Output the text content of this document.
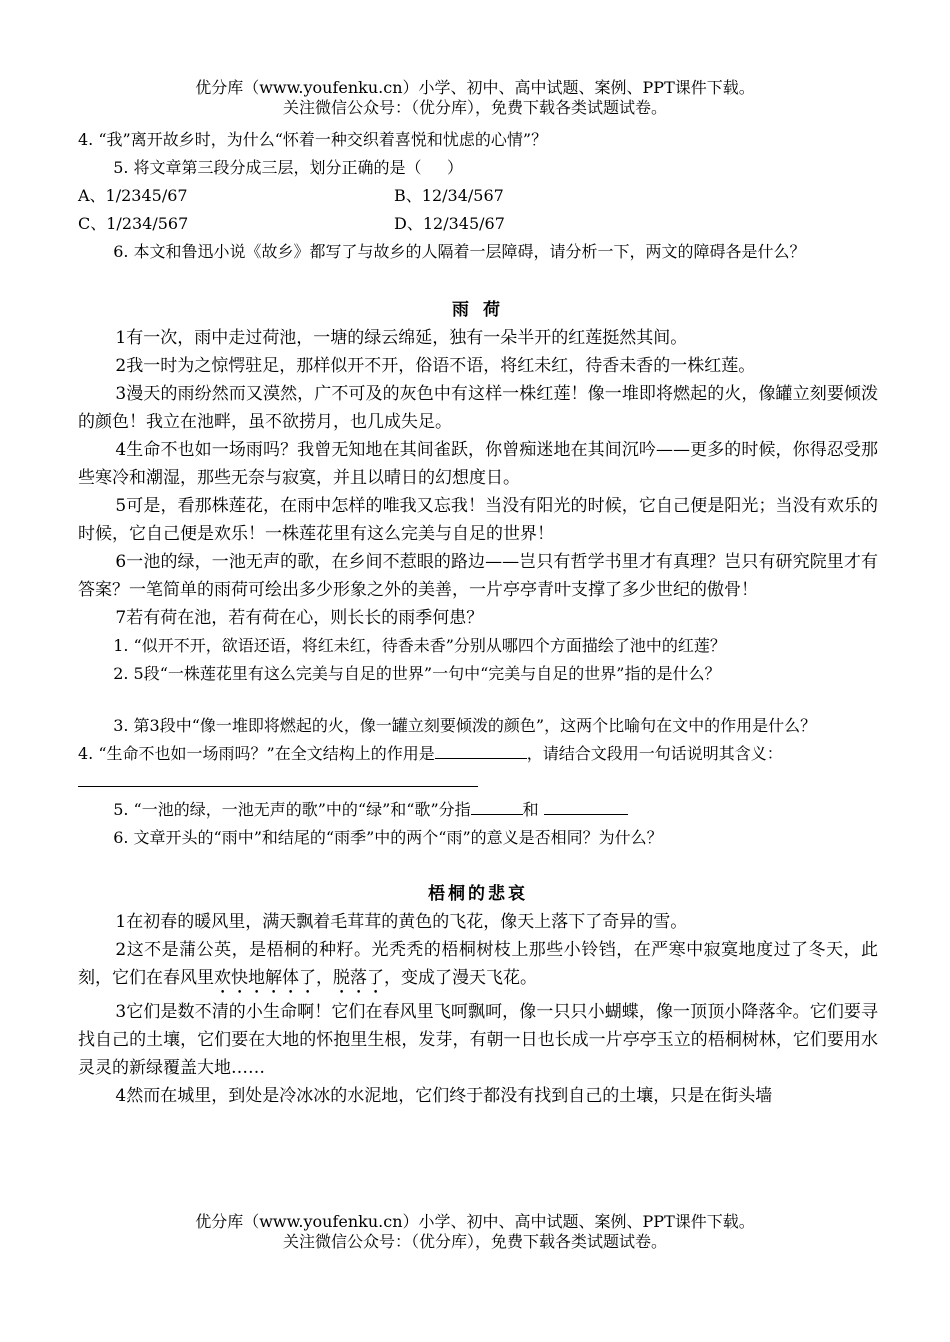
优分库（www.youfenku.cn）小学、初中、高中试题、案例、PPT课件下载。
关注微信公众号：（优分库），免费下载各类试题试卷。
4. “我”离开故乡时，为什么“怀着一种交织着喜悦和忧虑的心情”？
5. 将文章第三段分成三层，划分正确的是（     ）
A、1/2345/67	B、12/34/567
C、1/234/567	D、12/345/67
6. 本文和鲁迅小说《故乡》都写了与故乡的人隔着一层障碍，请分析一下，两文的障碍各是什么？
雨 荷
1有一次，雨中走过荷池，一塘的绿云绵延，独有一朵半开的红莲挺然其间。
2我一时为之惊愕驻足，那样似开不开，俗语不语，将红未红，待香未香的一株红莲。
3漫天的雨纷然而又漠然，广不可及的灰色中有这样一株红莲！像一堆即将燃起的火，像罐立刻要倾泼的颜色！我立在池畔，虽不欲捞月，也几成失足。
4生命不也如一场雨吗？我曾无知地在其间雀跃，你曾痴迷地在其间沉吟——更多的时候，你得忍受那些寒冷和潮湿，那些无奈与寂寞，并且以晴日的幻想度日。
5可是，看那株莲花，在雨中怎样的唯我又忘我！当没有阳光的时候，它自己便是阳光；当没有欢乐的时候，它自己便是欢乐！一株莲花里有这么完美与自足的世界！
6一池的绿，一池无声的歌，在乡间不惹眼的路边——岂只有哲学书里才有真理？岂只有研究院里才有答案？一笔简单的雨荷可绘出多少形象之外的美善，一片亭亭青叶支撑了多少世纪的傲骨！
7若有荷在池，若有荷在心，则长长的雨季何患？
1. “似开不开，欲语还语，将红未红，待香未香”分别从哪四个方面描绘了池中的红莲？
2. 5段“一株莲花里有这么完美与自足的世界”一句中“完美与自足的世界”指的是什么？
3. 第3段中“像一堆即将燃起的火，像一罐立刻要倾泼的颜色”，这两个比喻句在文中的作用是什么？
4. “生命不也如一场雨吗？”在全文结构上的作用是	，请结合文段用一句话说明其含义：
5. “一池的绿，一池无声的歌”中的“绿”和“歌”分指	和
6. 文章开头的“雨中”和结尾的“雨季”中的两个“雨”的意义是否相同？为什么？
梧桐的悲哀
1在初春的暖风里，满天飘着毛茸茸的黄色的飞花，像天上落下了奇异的雪。
2这不是蒲公英，是梧桐的种籽。光秃秃的梧桐树枝上那些小铃铛，在严寒中寂寞地度过了冬天，此刻，它们在春风里欢快地解体了，脱落了，变成了漫天飞花。
3它们是数不清的小生命啊！它们在春风里飞呵飘呵，像一只只小蝴蝶，像一顶顶小降落伞。它们要寻找自己的土壤，它们要在大地的怀抱里生根，发芽，有朝一日也长成一片亭亭玉立的梧桐树林，它们要用水灵灵的新绿覆盖大地……
4然而在城里，到处是冷冰冰的水泥地，它们终于都没有找到自己的土壤，只是在街头墙
优分库（www.youfenku.cn）小学、初中、高中试题、案例、PPT课件下载。
关注微信公众号：（优分库），免费下载各类试题试卷。
